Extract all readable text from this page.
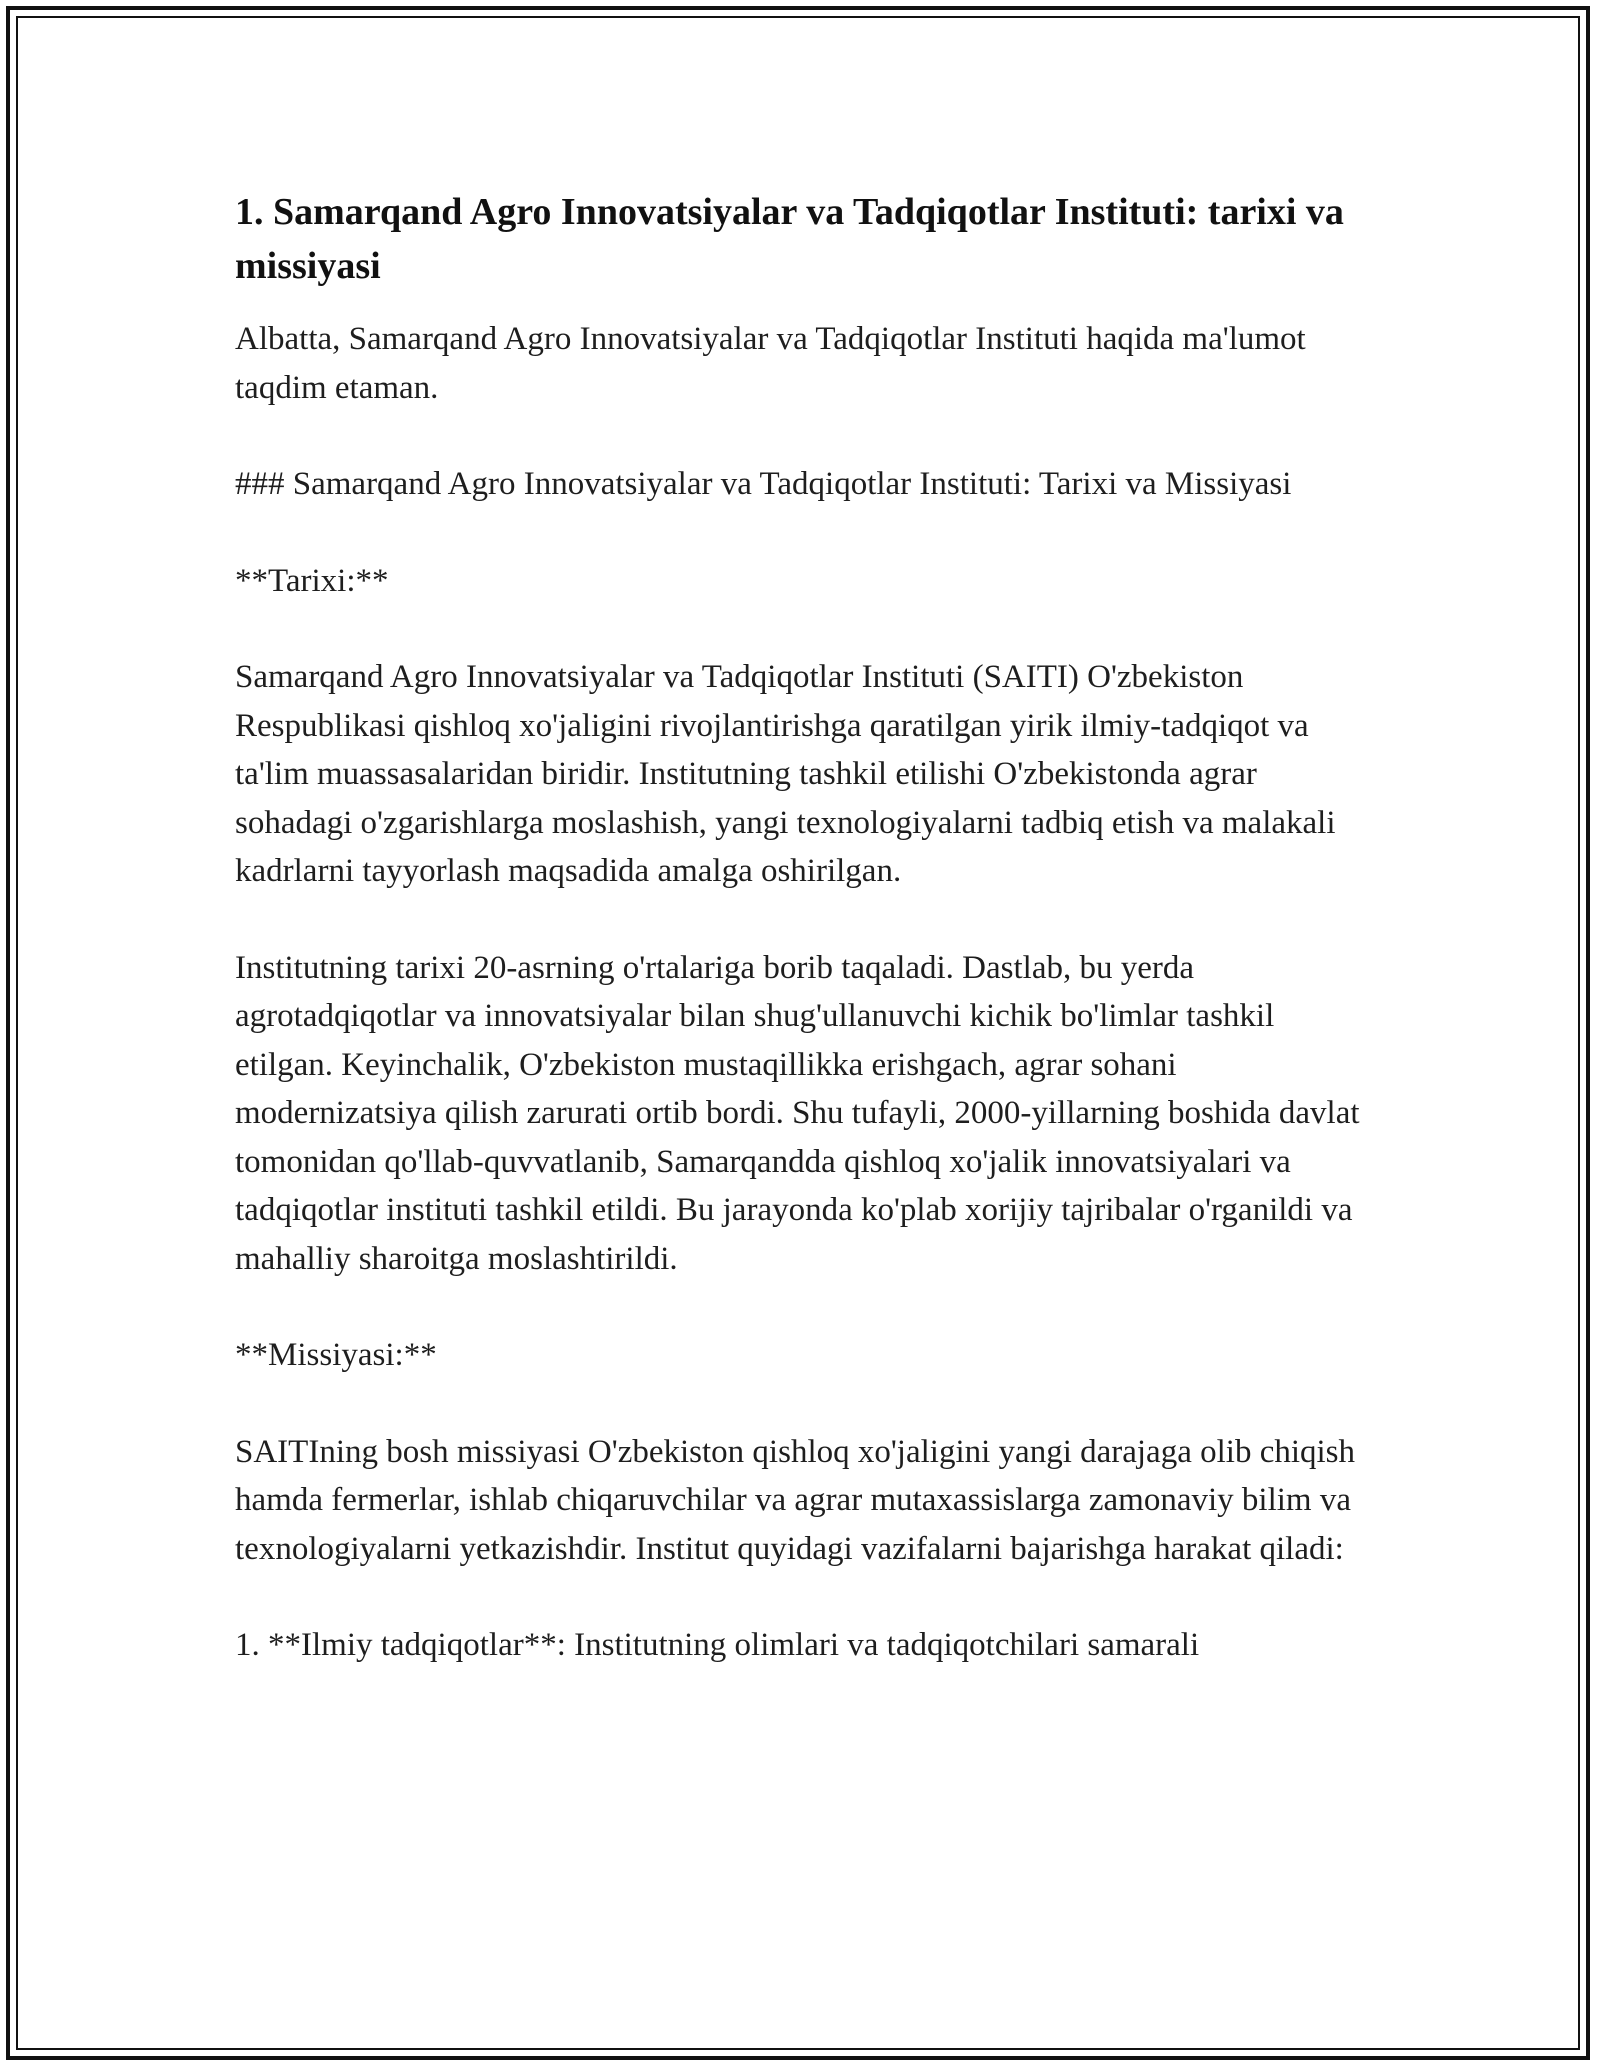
1. Samarqand Agro Innovatsiyalar va Tadqiqotlar Instituti: tarixi va missiyasi

Albatta, Samarqand Agro Innovatsiyalar va Tadqiqotlar Instituti haqida ma'lumot taqdim etaman.

### Samarqand Agro Innovatsiyalar va Tadqiqotlar Instituti: Tarixi va Missiyasi

**Tarixi:**

Samarqand Agro Innovatsiyalar va Tadqiqotlar Instituti (SAITI) O'zbekiston Respublikasi qishloq xo'jaligini rivojlantirishga qaratilgan yirik ilmiy-tadqiqot va ta'lim muassasalaridan biridir. Institutning tashkil etilishi O'zbekistonda agrar sohadagi o'zgarishlarga moslashish, yangi texnologiyalarni tadbiq etish va malakali kadrlarni tayyorlash maqsadida amalga oshirilgan.

Institutning tarixi 20-asrning o'rtalariga borib taqaladi. Dastlab, bu yerda agrotadqiqotlar va innovatsiyalar bilan shug'ullanuvchi kichik bo'limlar tashkil etilgan. Keyinchalik, O'zbekiston mustaqillikka erishgach, agrar sohani modernizatsiya qilish zarurati ortib bordi. Shu tufayli, 2000-yillarning boshida davlat tomonidan qo'llab-quvvatlanib, Samarqandda qishloq xo'jalik innovatsiyalari va tadqiqotlar instituti tashkil etildi. Bu jarayonda ko'plab xorijiy tajribalar o'rganildi va mahalliy sharoitga moslashtirildi.

**Missiyasi:**

SAITIning bosh missiyasi O'zbekiston qishloq xo'jaligini yangi darajaga olib chiqish hamda fermerlar, ishlab chiqaruvchilar va agrar mutaxassislarga zamonaviy bilim va texnologiyalarni yetkazishdir. Institut quyidagi vazifalarni bajarishga harakat qiladi:

1. **Ilmiy tadqiqotlar**: Institutning olimlari va tadqiqotchilari samarali
